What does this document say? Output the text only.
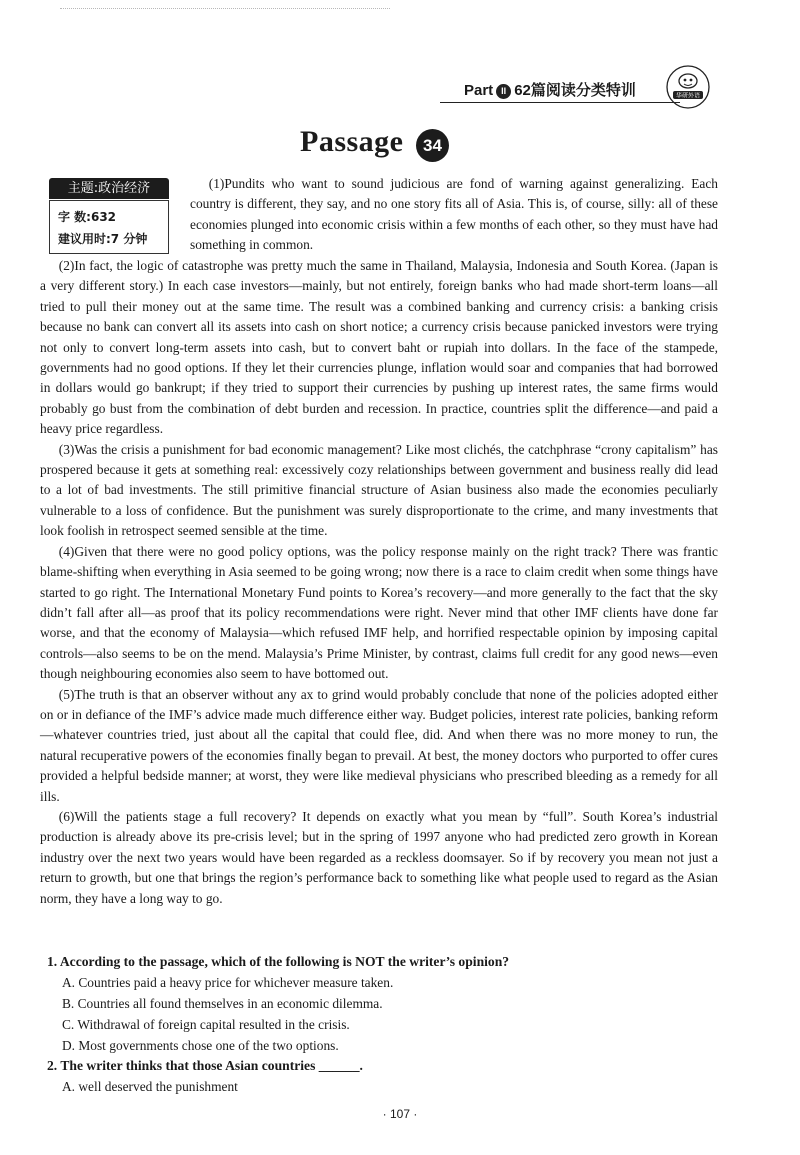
Part II 62篇阅读分类特训	华研外语
Passage	34
主题:政治经济
字 数:632
建议用时:7 分钟

(1)Pundits who want to sound judicious are fond of warning against generalizing. Each country is different, they say, and no one story fits all of Asia. This is, of course, silly: all of these economies plunged into economic crisis within a few months of each other, so they must have had something in common.

(2)In fact, the logic of catastrophe was pretty much the same in Thailand, Malaysia, Indonesia and South Korea. (Japan is a very different story.) In each case investors—mainly, but not entirely, foreign banks who had made short-term loans—all tried to pull their money out at the same time. The result was a combined banking and currency crisis: a banking crisis because no bank can convert all its assets into cash on short notice; a currency crisis because panicked investors were trying not only to convert long-term assets into cash, but to convert baht or rupiah into dollars. In the face of the stampede, governments had no good options. If they let their currencies plunge, inflation would soar and companies that had borrowed in dollars would go bankrupt; if they tried to support their currencies by pushing up interest rates, the same firms would probably go bust from the combination of debt burden and recession. In practice, countries split the difference—and paid a heavy price regardless.

(3)Was the crisis a punishment for bad economic management? Like most clichés, the catchphrase “crony capitalism” has prospered because it gets at something real: excessively cozy relationships between government and business really did lead to a lot of bad investments. The still primitive financial structure of Asian business also made the economies peculiarly vulnerable to a loss of confidence. But the punishment was surely disproportionate to the crime, and many investments that look foolish in retrospect seemed sensible at the time.

(4)Given that there were no good policy options, was the policy response mainly on the right track? There was frantic blame-shifting when everything in Asia seemed to be going wrong; now there is a race to claim credit when some things have started to go right. The International Monetary Fund points to Korea’s recovery—and more generally to the fact that the sky didn’t fall after all—as proof that its policy recommendations were right. Never mind that other IMF clients have done far worse, and that the economy of Malaysia—which refused IMF help, and horrified respectable opinion by imposing capital controls—also seems to be on the mend. Malaysia’s Prime Minister, by contrast, claims full credit for any good news—even though neighbouring economies also seem to have bottomed out.

(5)The truth is that an observer without any ax to grind would probably conclude that none of the policies adopted either on or in defiance of the IMF’s advice made much difference either way. Budget policies, interest rate policies, banking reform—whatever countries tried, just about all the capital that could flee, did. And when there was no more money to run, the natural recuperative powers of the economies finally began to prevail. At best, the money doctors who purported to offer cures provided a helpful bedside manner; at worst, they were like medieval physicians who prescribed bleeding as a remedy for all ills.

(6)Will the patients stage a full recovery? It depends on exactly what you mean by “full”. South Korea’s industrial production is already above its pre-crisis level; but in the spring of 1997 anyone who had predicted zero growth in Korean industry over the next two years would have been regarded as a reckless doomsayer. So if by recovery you mean not just a return to growth, but one that brings the region’s performance back to something like what people used to regard as the Asian norm, they have a long way to go.

1. According to the passage, which of the following is NOT the writer’s opinion?
A. Countries paid a heavy price for whichever measure taken.
B. Countries all found themselves in an economic dilemma.
C. Withdrawal of foreign capital resulted in the crisis.
D. Most governments chose one of the two options.
2. The writer thinks that those Asian countries ______.
A. well deserved the punishment
· 107 ·
